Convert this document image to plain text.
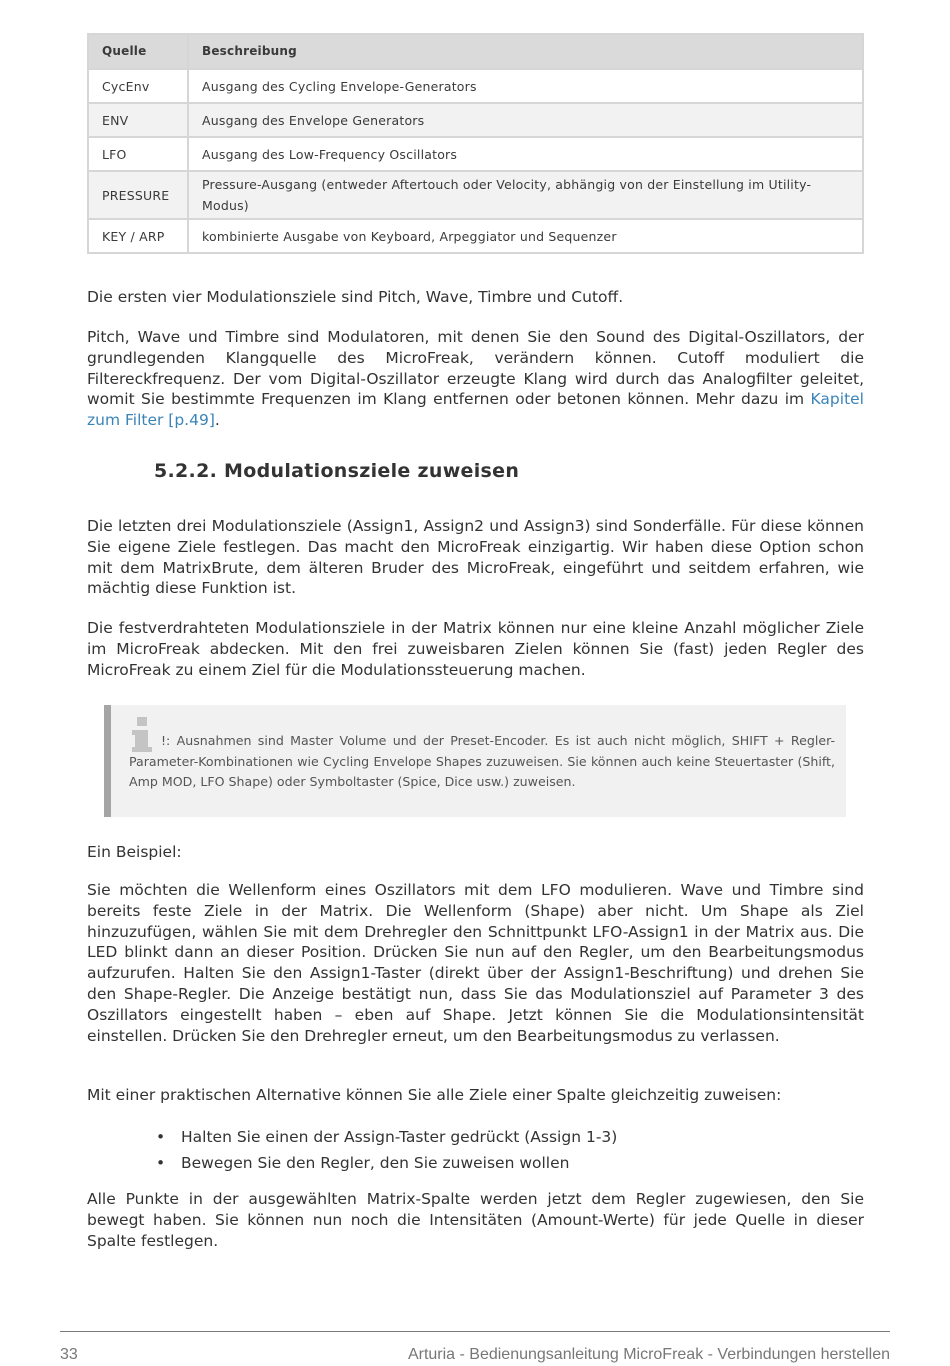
Quelle	Beschreibung
CycEnv	Ausgang des Cycling Envelope-Generators
ENV	Ausgang des Envelope Generators
LFO	Ausgang des Low-Frequency Oscillators
PRESSURE	Pressure-Ausgang (entweder Aftertouch oder Velocity, abhängig von der Einstellung im Utility-Modus)
KEY / ARP	kombinierte Ausgabe von Keyboard, Arpeggiator und Sequenzer

Die ersten vier Modulationsziele sind Pitch, Wave, Timbre und Cutoff.

Pitch, Wave und Timbre sind Modulatoren, mit denen Sie den Sound des Digital-Oszillators, der grundlegenden Klangquelle des MicroFreak, verändern können. Cutoff moduliert die Filtereckfrequenz. Der vom Digital-Oszillator erzeugte Klang wird durch das Analogfilter geleitet, womit Sie bestimmte Frequenzen im Klang entfernen oder betonen können. Mehr dazu im Kapitel zum Filter [p.49].

5.2.2. Modulationsziele zuweisen

Die letzten drei Modulationsziele (Assign1, Assign2 und Assign3) sind Sonderfälle. Für diese können Sie eigene Ziele festlegen. Das macht den MicroFreak einzigartig. Wir haben diese Option schon mit dem MatrixBrute, dem älteren Bruder des MicroFreak, eingeführt und seitdem erfahren, wie mächtig diese Funktion ist.

Die festverdrahteten Modulationsziele in der Matrix können nur eine kleine Anzahl möglicher Ziele im MicroFreak abdecken. Mit den frei zuweisbaren Zielen können Sie (fast) jeden Regler des MicroFreak zu einem Ziel für die Modulationssteuerung machen.

!: Ausnahmen sind Master Volume und der Preset-Encoder. Es ist auch nicht möglich, SHIFT + Regler-Parameter-Kombinationen wie Cycling Envelope Shapes zuzuweisen. Sie können auch keine Steuertaster (Shift, Amp MOD, LFO Shape) oder Symboltaster (Spice, Dice usw.) zuweisen.

Ein Beispiel:

Sie möchten die Wellenform eines Oszillators mit dem LFO modulieren. Wave und Timbre sind bereits feste Ziele in der Matrix. Die Wellenform (Shape) aber nicht. Um Shape als Ziel hinzuzufügen, wählen Sie mit dem Drehregler den Schnittpunkt LFO-Assign1 in der Matrix aus. Die LED blinkt dann an dieser Position. Drücken Sie nun auf den Regler, um den Bearbeitungsmodus aufzurufen. Halten Sie den Assign1-Taster (direkt über der Assign1-Beschriftung) und drehen Sie den Shape-Regler. Die Anzeige bestätigt nun, dass Sie das Modulationsziel auf Parameter 3 des Oszillators eingestellt haben – eben auf Shape. Jetzt können Sie die Modulationsintensität einstellen. Drücken Sie den Drehregler erneut, um den Bearbeitungsmodus zu verlassen.

Mit einer praktischen Alternative können Sie alle Ziele einer Spalte gleichzeitig zuweisen:

• Halten Sie einen der Assign-Taster gedrückt (Assign 1-3)
• Bewegen Sie den Regler, den Sie zuweisen wollen

Alle Punkte in der ausgewählten Matrix-Spalte werden jetzt dem Regler zugewiesen, den Sie bewegt haben. Sie können nun noch die Intensitäten (Amount-Werte) für jede Quelle in dieser Spalte festlegen.

33	Arturia - Bedienungsanleitung MicroFreak - Verbindungen herstellen
